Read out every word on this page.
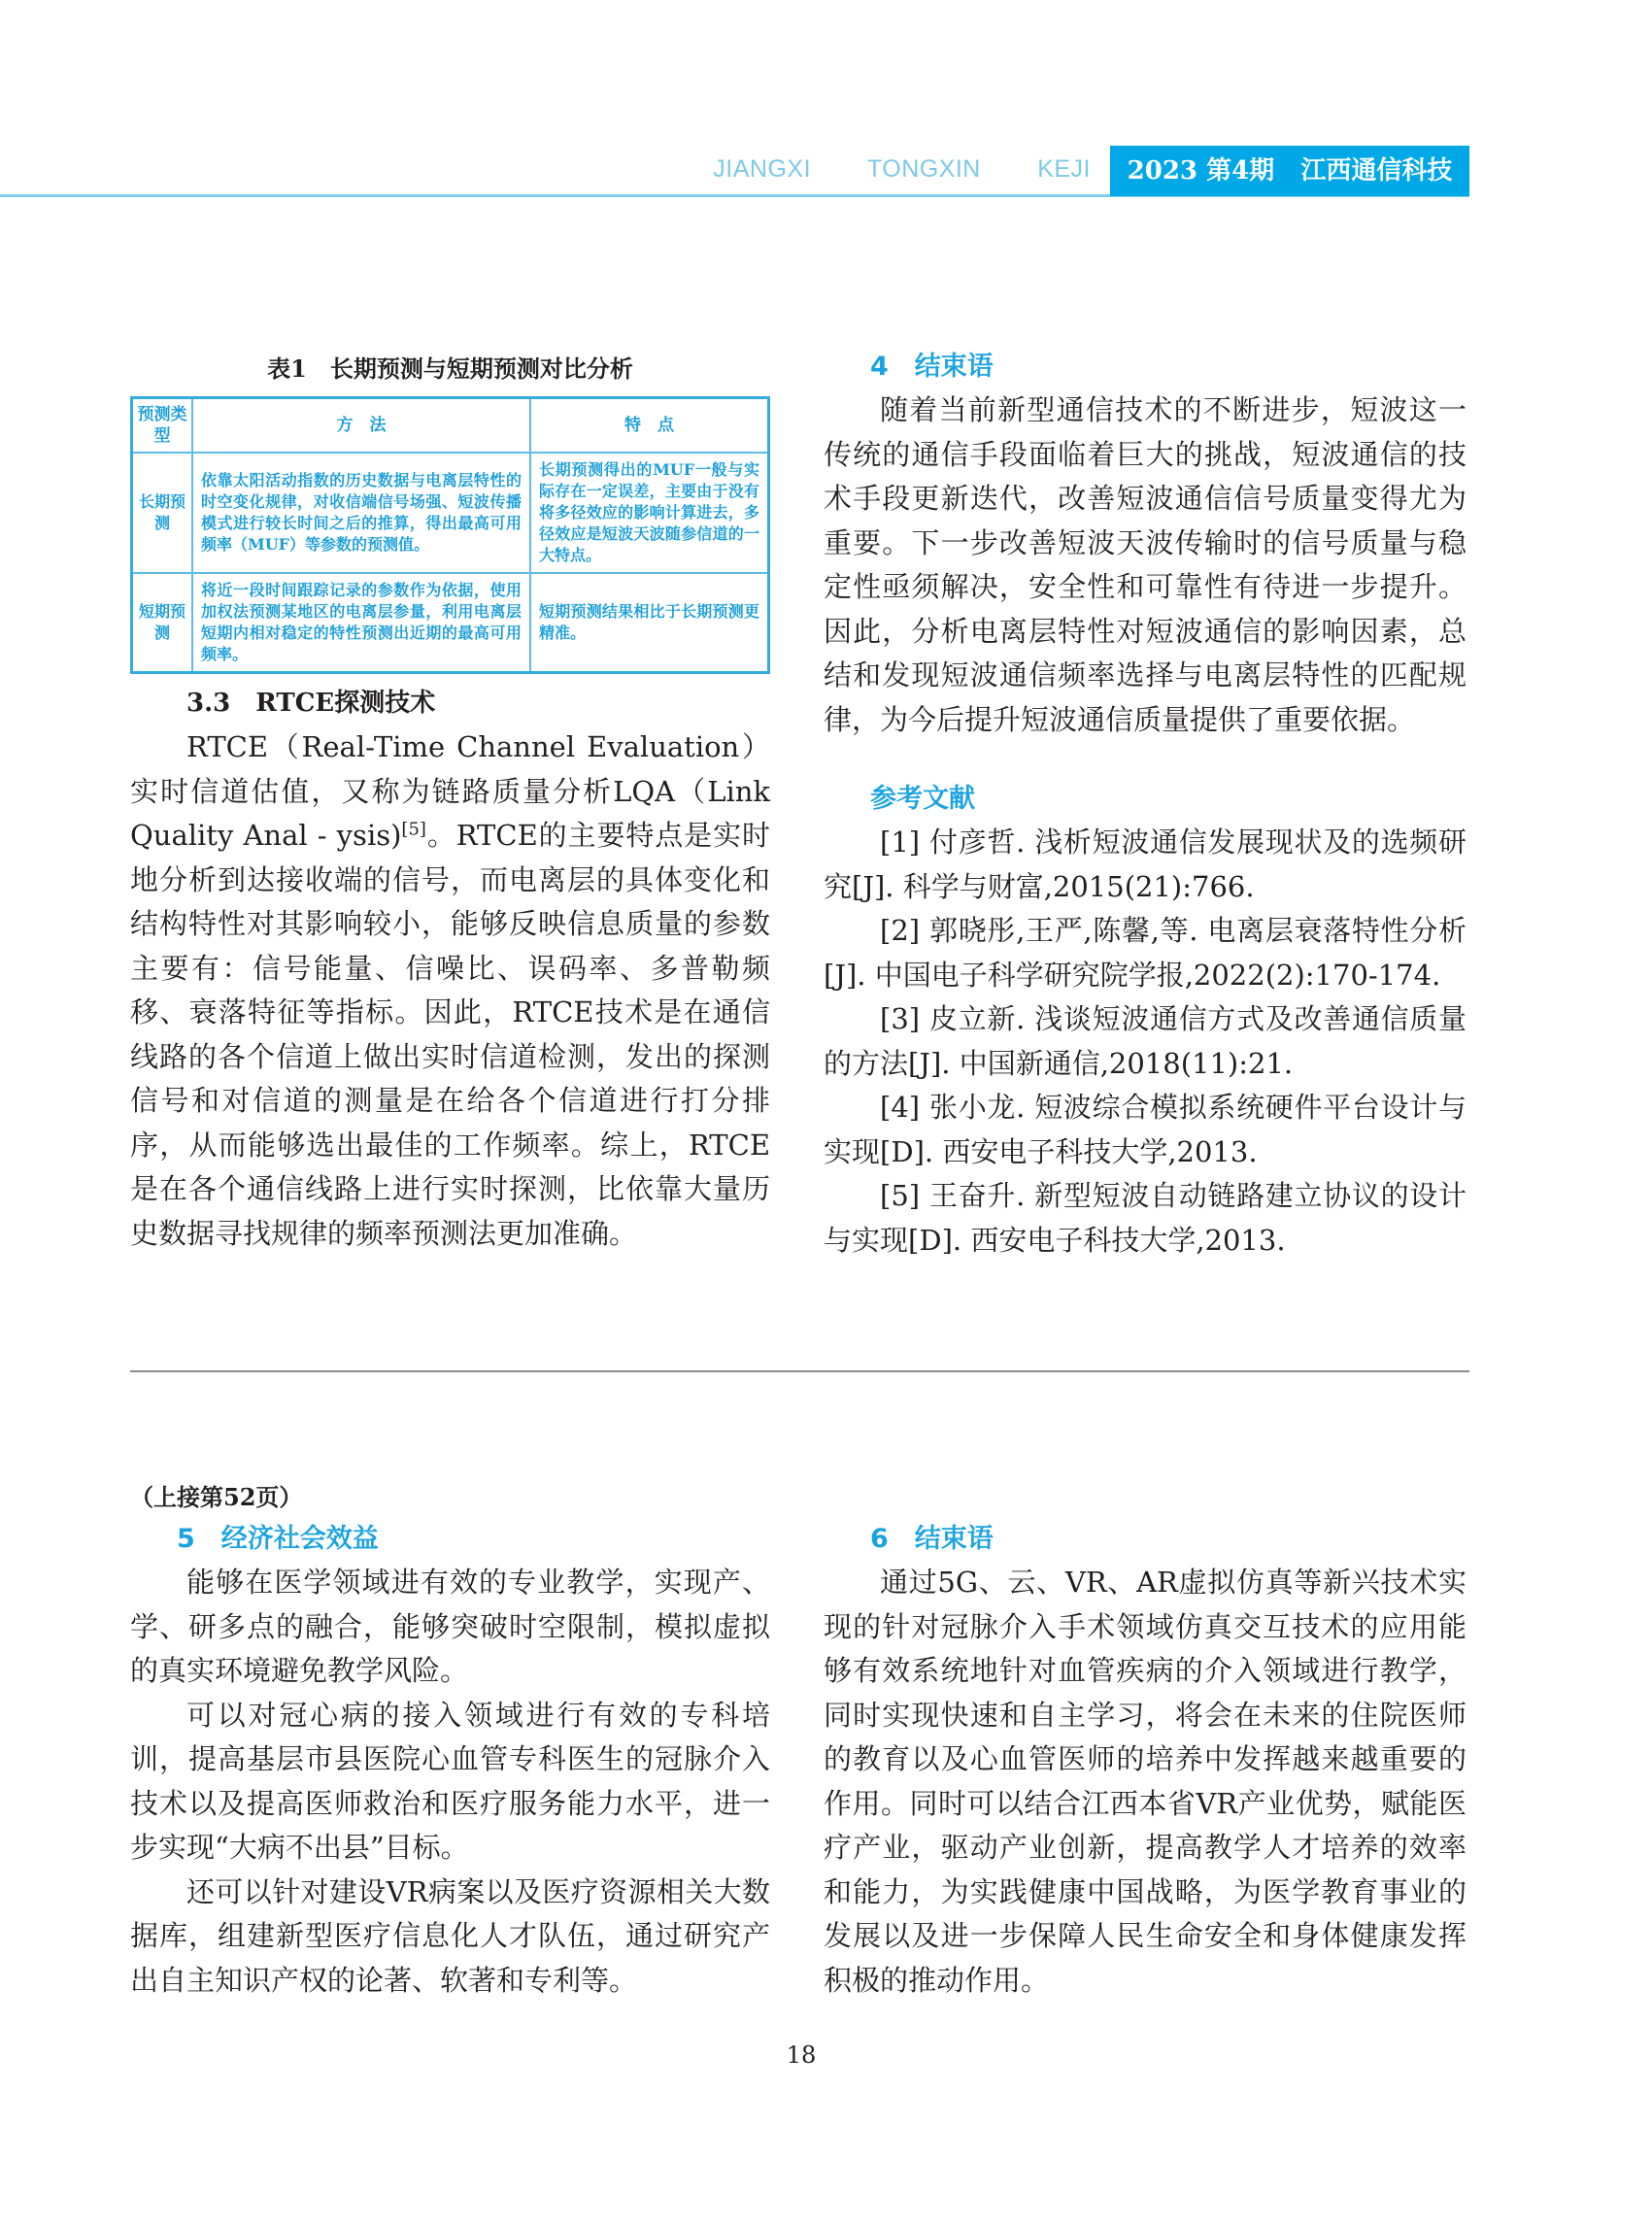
JIANGXI   TONGXIN   KEJI	2023 第4期 江西通信科技
表1　长期预测与短期预测对比分析
预测类型	方　法	特　点
长期预测	依靠太阳活动指数的历史数据与电离层特性的时空变化规律，对收信端信号场强、短波传播模式进行较长时间之后的推算，得出最高可用频率（MUF）等参数的预测值。	长期预测得出的MUF一般与实际存在一定误差，主要由于没有将多径效应的影响计算进去，多径效应是短波天波随参信道的一大特点。
短期预测	将近一段时间跟踪记录的参数作为依据，使用加权法预测某地区的电离层参量，利用电离层短期内相对稳定的特性预测出近期的最高可用频率。	短期预测结果相比于长期预测更精准。
3.3　RTCE探测技术

RTCE（Real-Time Channel Evaluation）实时信道估值，又称为链路质量分析LQA（Link Quality Anal - ysis)[5]。RTCE的主要特点是实时地分析到达接收端的信号，而电离层的具体变化和结构特性对其影响较小，能够反映信息质量的参数主要有：信号能量、信噪比、误码率、多普勒频移、衰落特征等指标。因此，RTCE技术是在通信线路的各个信道上做出实时信道检测，发出的探测信号和对信道的测量是在给各个信道进行打分排序，从而能够选出最佳的工作频率。综上，RTCE是在各个通信线路上进行实时探测，比依靠大量历史数据寻找规律的频率预测法更加准确。

4　结束语

随着当前新型通信技术的不断进步，短波这一传统的通信手段面临着巨大的挑战，短波通信的技术手段更新迭代，改善短波通信信号质量变得尤为重要。下一步改善短波天波传输时的信号质量与稳定性亟须解决，安全性和可靠性有待进一步提升。因此，分析电离层特性对短波通信的影响因素，总结和发现短波通信频率选择与电离层特性的匹配规律，为今后提升短波通信质量提供了重要依据。

参考文献

[1] 付彦哲. 浅析短波通信发展现状及的选频研究[J]. 科学与财富,2015(21):766.

[2] 郭晓彤,王严,陈馨,等. 电离层衰落特性分析[J]. 中国电子科学研究院学报,2022(2):170-174.

[3] 皮立新. 浅谈短波通信方式及改善通信质量的方法[J]. 中国新通信,2018(11):21.

[4] 张小龙. 短波综合模拟系统硬件平台设计与实现[D]. 西安电子科技大学,2013.

[5] 王奋升. 新型短波自动链路建立协议的设计与实现[D]. 西安电子科技大学,2013.

（上接第52页）
5　经济社会效益

能够在医学领域进有效的专业教学，实现产、学、研多点的融合，能够突破时空限制，模拟虚拟的真实环境避免教学风险。

可以对冠心病的接入领域进行有效的专科培训，提高基层市县医院心血管专科医生的冠脉介入技术以及提高医师救治和医疗服务能力水平，进一步实现“大病不出县”目标。

还可以针对建设VR病案以及医疗资源相关大数据库，组建新型医疗信息化人才队伍，通过研究产出自主知识产权的论著、软著和专利等。

6　结束语

通过5G、云、VR、AR虚拟仿真等新兴技术实现的针对冠脉介入手术领域仿真交互技术的应用能够有效系统地针对血管疾病的介入领域进行教学，同时实现快速和自主学习，将会在未来的住院医师的教育以及心血管医师的培养中发挥越来越重要的作用。同时可以结合江西本省VR产业优势，赋能医疗产业，驱动产业创新，提高教学人才培养的效率和能力，为实践健康中国战略，为医学教育事业的发展以及进一步保障人民生命安全和身体健康发挥积极的推动作用。

18
